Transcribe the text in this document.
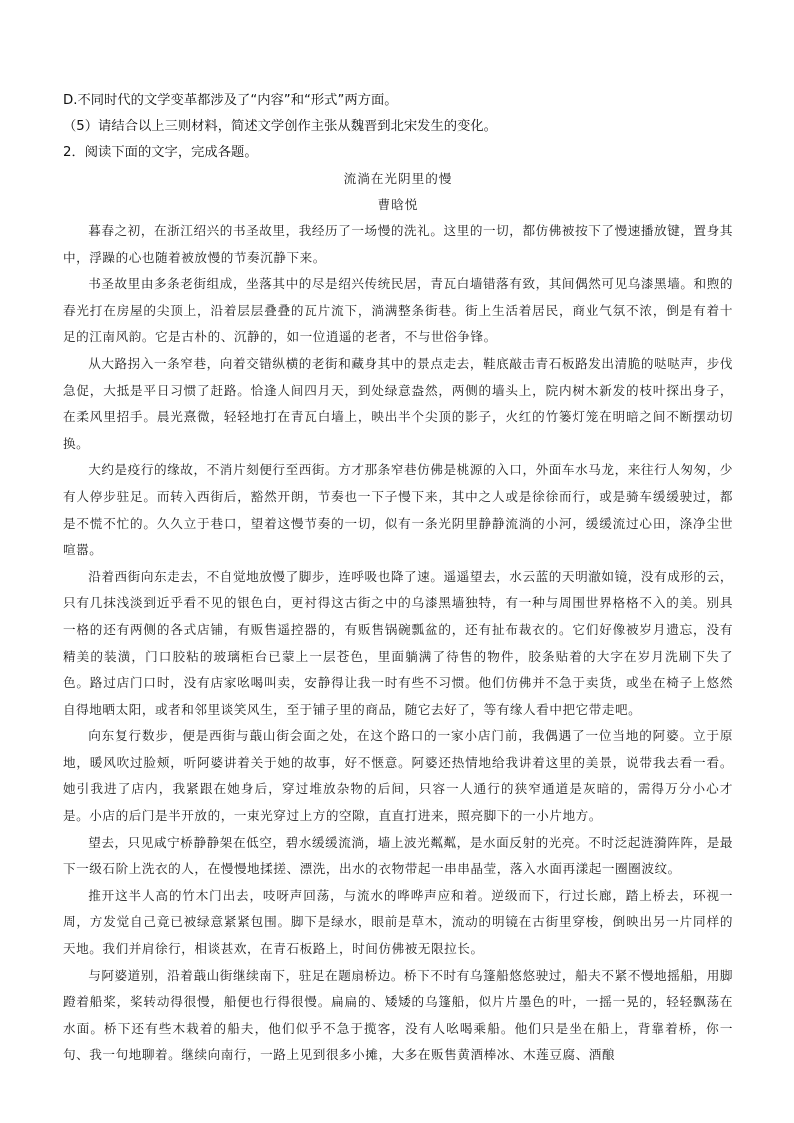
D.不同时代的文学变革都涉及了“内容”和“形式”两方面。
（5）请结合以上三则材料，简述文学创作主张从魏晋到北宋发生的变化。
2．阅读下面的文字，完成各题。
流淌在光阴里的慢
曹晗悦

暮春之初，在浙江绍兴的书圣故里，我经历了一场慢的洗礼。这里的一切，都仿佛被按下了慢速播放键，置身其中，浮躁的心也随着被放慢的节奏沉静下来。

书圣故里由多条老街组成，坐落其中的尽是绍兴传统民居，青瓦白墙错落有致，其间偶然可见乌漆黑墙。和煦的春光打在房屋的尖顶上，沿着层层叠叠的瓦片流下，淌满整条街巷。街上生活着居民，商业气氛不浓，倒是有着十足的江南风韵。它是古朴的、沉静的，如一位逍遥的老者，不与世俗争锋。

从大路拐入一条窄巷，向着交错纵横的老街和藏身其中的景点走去，鞋底敲击青石板路发出清脆的哒哒声，步伐急促，大抵是平日习惯了赶路。恰逢人间四月天，到处绿意盎然，两侧的墙头上，院内树木新发的枝叶探出身子，在柔风里招手。晨光熹微，轻轻地打在青瓦白墙上，映出半个尖顶的影子，火红的竹篓灯笼在明暗之间不断摆动切换。

大约是疫行的缘故，不消片刻便行至西街。方才那条窄巷仿佛是桃源的入口，外面车水马龙，来往行人匆匆，少有人停步驻足。而转入西街后，豁然开朗，节奏也一下子慢下来，其中之人或是徐徐而行，或是骑车缓缓驶过，都是不慌不忙的。久久立于巷口，望着这慢节奏的一切，似有一条光阴里静静流淌的小河，缓缓流过心田，涤净尘世喧嚣。

沿着西街向东走去，不自觉地放慢了脚步，连呼吸也降了速。遥遥望去，水云蓝的天明澈如镜，没有成形的云，只有几抹浅淡到近乎看不见的银色白，更衬得这古街之中的乌漆黑墙独特，有一种与周围世界格格不入的美。别具一格的还有两侧的各式店铺，有贩售遥控器的，有贩售锅碗瓢盆的，还有扯布裁衣的。它们好像被岁月遗忘，没有精美的装潢，门口胶粘的玻璃柜台已蒙上一层苍色，里面躺满了待售的物件，胶条贴着的大字在岁月洗刷下失了色。路过店门口时，没有店家吆喝叫卖，安静得让我一时有些不习惯。他们仿佛并不急于卖货，或坐在椅子上悠然自得地晒太阳，或者和邻里谈笑风生，至于铺子里的商品，随它去好了，等有缘人看中把它带走吧。

向东复行数步，便是西街与蕺山街会面之处，在这个路口的一家小店门前，我偶遇了一位当地的阿婆。立于原地，暖风吹过脸颊，听阿婆讲着关于她的故事，好不惬意。阿婆还热情地给我讲着这里的美景，说带我去看一看。她引我进了店内，我紧跟在她身后，穿过堆放杂物的后间，只容一人通行的狭窄通道是灰暗的，需得万分小心才是。小店的后门是半开放的，一束光穿过上方的空隙，直直打进来，照亮脚下的一小片地方。

望去，只见咸宁桥静静架在低空，碧水缓缓流淌，墙上波光粼粼，是水面反射的光亮。不时泛起涟漪阵阵，是最下一级石阶上洗衣的人，在慢慢地揉搓、漂洗，出水的衣物带起一串串晶莹，落入水面再漾起一圈圈波纹。

推开这半人高的竹木门出去，吱呀声回荡，与流水的哗哗声应和着。逆级而下，行过长廊，踏上桥去，环视一周，方发觉自己竟已被绿意紧紧包围。脚下是绿水，眼前是草木，流动的明镜在古街里穿梭，倒映出另一片同样的天地。我们并肩徐行，相谈甚欢，在青石板路上，时间仿佛被无限拉长。

与阿婆道别，沿着蕺山街继续南下，驻足在题扇桥边。桥下不时有乌篷船悠悠驶过，船夫不紧不慢地摇船，用脚蹬着船桨，桨转动得很慢，船便也行得很慢。扁扁的、矮矮的乌篷船，似片片墨色的叶，一摇一晃的，轻轻飘荡在水面。桥下还有些木栽着的船夫，他们似乎不急于揽客，没有人吆喝乘船。他们只是坐在船上，背靠着桥，你一句、我一句地聊着。继续向南行，一路上见到很多小摊，大多在贩售黄酒棒冰、木莲豆腐、酒酿
